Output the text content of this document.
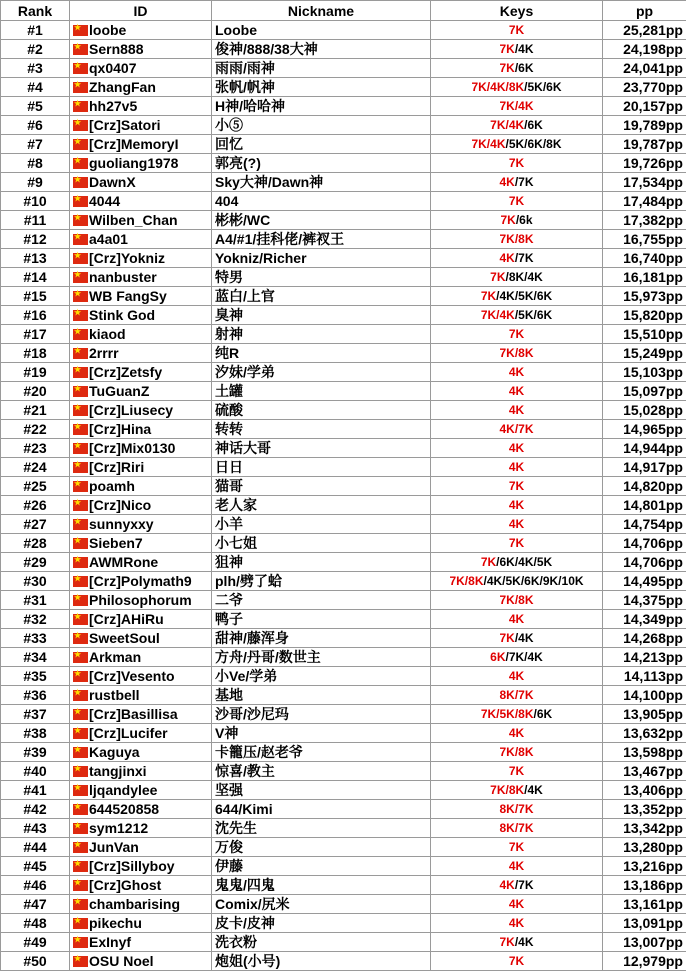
Rank	ID	Nickname	Keys	pp
#1	★loobe	Loobe	7K	25,281pp
#2	★Sern888	俊神/888/38大神	7K/4K	24,198pp
#3	★qx0407	雨雨/雨神	7K/6K	24,041pp
#4	★ZhangFan	张帆/帆神	7K/4K/8K/5K/6K	23,770pp
#5	★hh27v5	H神/哈哈神	7K/4K	20,157pp
#6	★[Crz]Satori	小⑤	7K/4K/6K	19,789pp
#7	★[Crz]MemoryI	回忆	7K/4K/5K/6K/8K	19,787pp
#8	★guoliang1978	郭亮(?)	7K	19,726pp
#9	★DawnX	Sky大神/Dawn神	4K/7K	17,534pp
#10	★4044	404	7K	17,484pp
#11	★Wilben_Chan	彬彬/WC	7K/6k	17,382pp
#12	★a4a01	A4/#1/挂科佬/裤衩王	7K/8K	16,755pp
#13	★[Crz]Yokniz	Yokniz/Richer	4K/7K	16,740pp
#14	★nanbuster	特男	7K/8K/4K	16,181pp
#15	★WB FangSy	蓝白/上官	7K/4K/5K/6K	15,973pp
#16	★Stink God	臭神	7K/4K/5K/6K	15,820pp
#17	★kiaod	射神	7K	15,510pp
#18	★2rrrr	纯R	7K/8K	15,249pp
#19	★[Crz]Zetsfy	汐妹/学弟	4K	15,103pp
#20	★TuGuanZ	土罐	4K	15,097pp
#21	★[Crz]Liusecy	硫酸	4K	15,028pp
#22	★[Crz]Hina	转转	4K/7K	14,965pp
#23	★[Crz]Mix0130	神话大哥	4K	14,944pp
#24	★[Crz]Riri	日日	4K	14,917pp
#25	★poamh	猫哥	7K	14,820pp
#26	★[Crz]Nico	老人家	4K	14,801pp
#27	★sunnyxxy	小羊	4K	14,754pp
#28	★Sieben7	小七姐	7K	14,706pp
#29	★AWMRone	狙神	7K/6K/4K/5K	14,706pp
#30	★[Crz]Polymath9	plh/劈了蛤	7K/8K/4K/5K/6K/9K/10K	14,495pp
#31	★Philosophorum	二爷	7K/8K	14,375pp
#32	★[Crz]AHiRu	鸭子	4K	14,349pp
#33	★SweetSoul	甜神/藤浑身	7K/4K	14,268pp
#34	★Arkman	方舟/丹哥/数世主	6K/7K/4K	14,213pp
#35	★[Crz]Vesento	小Ve/学弟	4K	14,113pp
#36	★rustbell	基地	8K/7K	14,100pp
#37	★[Crz]Basillisa	沙哥/沙尼玛	7K/5K/8K/6K	13,905pp
#38	★[Crz]Lucifer	V神	4K	13,632pp
#39	★Kaguya	卡籠压/赵老爷	7K/8K	13,598pp
#40	★tangjinxi	惊喜/教主	7K	13,467pp
#41	★ljqandylee	坚强	7K/8K/4K	13,406pp
#42	★644520858	644/Kimi	8K/7K	13,352pp
#43	★sym1212	沈先生	8K/7K	13,342pp
#44	★JunVan	万俊	7K	13,280pp
#45	★[Crz]Sillyboy	伊藤	4K	13,216pp
#46	★[Crz]Ghost	鬼鬼/四鬼	4K/7K	13,186pp
#47	★chambarising	Comix/尻米	4K	13,161pp
#48	★pikechu	皮卡/皮神	4K	13,091pp
#49	★ExInyf	洗衣粉	7K/4K	13,007pp
#50	★OSU Noel	炮姐(小号)	7K	12,979pp
